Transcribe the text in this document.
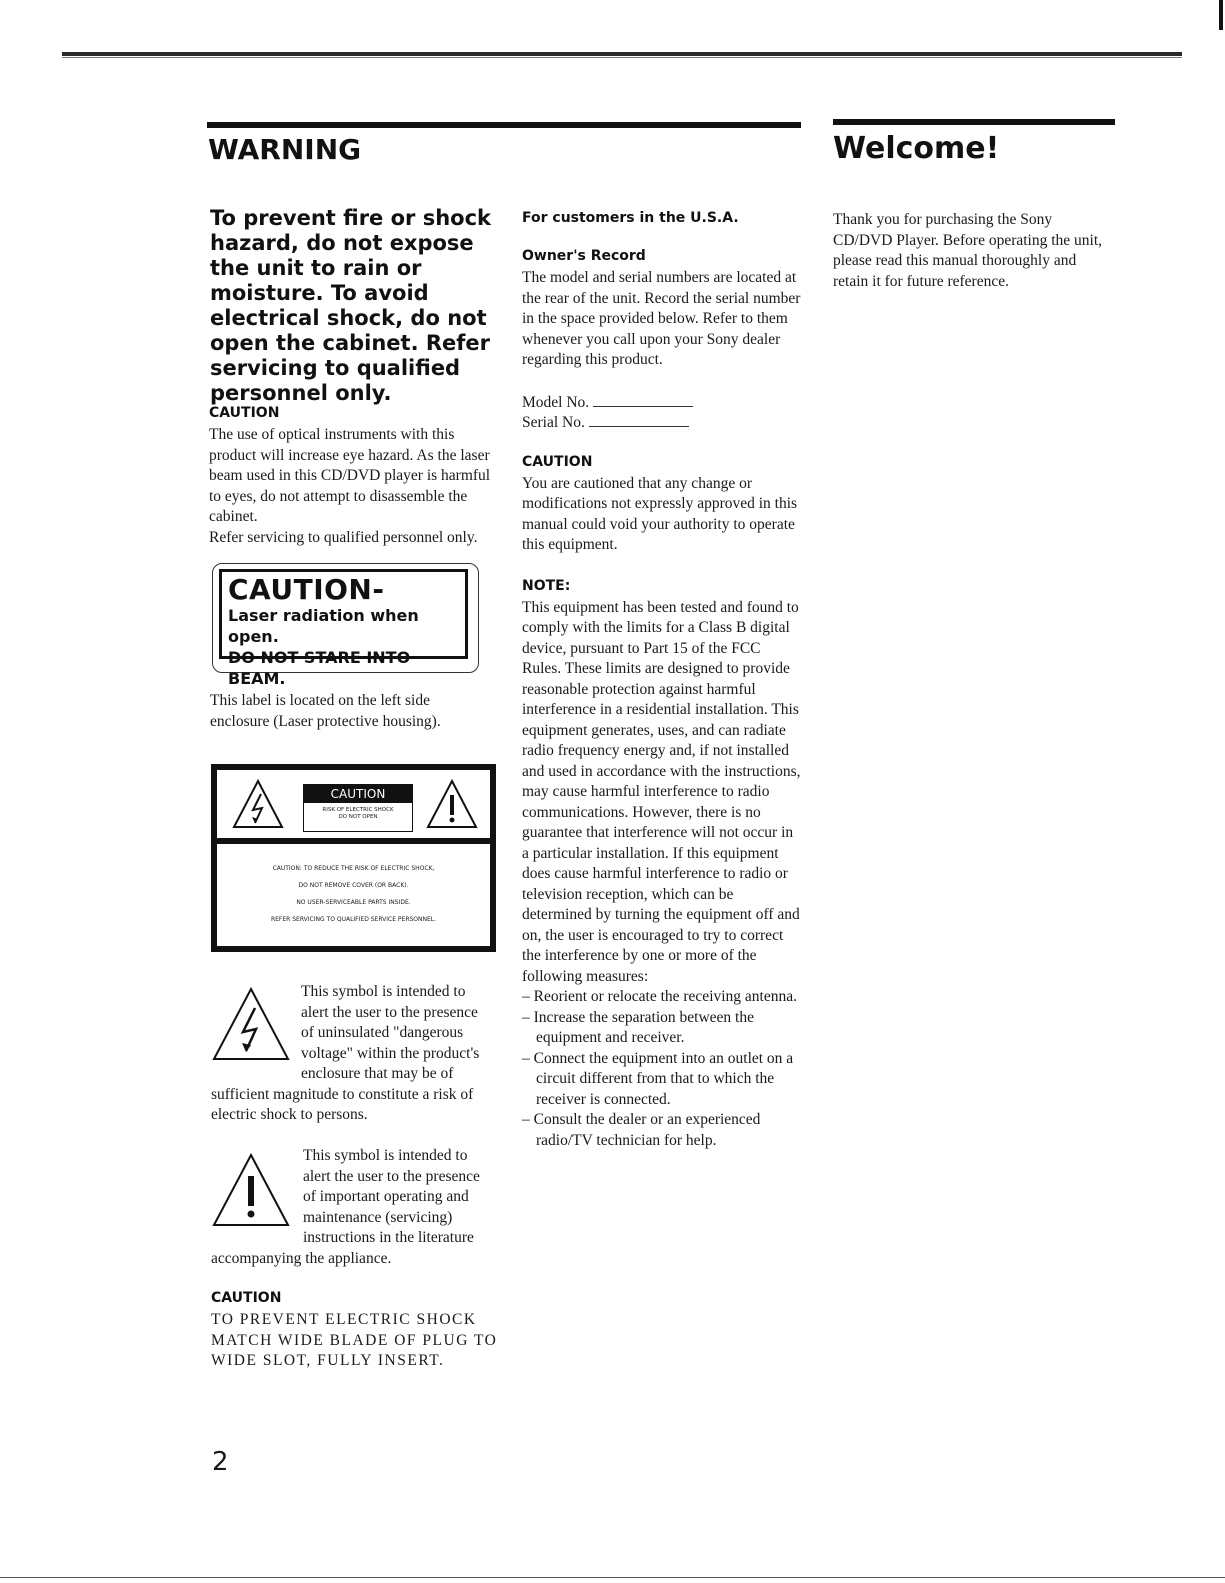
WARNING	Welcome!

To prevent fire or shock hazard, do not expose the unit to rain or moisture. To avoid electrical shock, do not open the cabinet. Refer servicing to qualified personnel only.

CAUTION

The use of optical instruments with this product will increase eye hazard. As the laser beam used in this CD/DVD player is harmful to eyes, do not attempt to disassemble the cabinet.

Refer servicing to qualified personnel only.

CAUTION-

Laser radiation when open.

DO NOT STARE INTO BEAM.

This label is located on the left side enclosure (Laser protective housing).

CAUTION

RISK OF ELECTRIC SHOCK

DO NOT OPEN

CAUTION: TO REDUCE THE RISK OF ELECTRIC SHOCK,

DO NOT REMOVE COVER (OR BACK).

NO USER-SERVICEABLE PARTS INSIDE.

REFER SERVICING TO QUALIFIED SERVICE PERSONNEL.

This symbol is intended to alert the user to the presence of uninsulated "dangerous voltage" within the product's enclosure that may be of sufficient magnitude to constitute a risk of electric shock to persons.

This symbol is intended to alert the user to the presence of important operating and maintenance (servicing) instructions in the literature accompanying the appliance.

CAUTION

TO PREVENT ELECTRIC SHOCK

MATCH WIDE BLADE OF PLUG TO

WIDE SLOT, FULLY INSERT.

2

For customers in the U.S.A.

Owner's Record

The model and serial numbers are located at the rear of the unit. Record the serial number in the space provided below. Refer to them whenever you call upon your Sony dealer regarding this product.

Model No.

Serial No.

CAUTION

You are cautioned that any change or modifications not expressly approved in this manual could void your authority to operate this equipment.

NOTE:

This equipment has been tested and found to comply with the limits for a Class B digital device, pursuant to Part 15 of the FCC Rules. These limits are designed to provide reasonable protection against harmful interference in a residential installation. This equipment generates, uses, and can radiate radio frequency energy and, if not installed and used in accordance with the instructions, may cause harmful interference to radio communications. However, there is no guarantee that interference will not occur in a particular installation. If this equipment does cause harmful interference to radio or television reception, which can be determined by turning the equipment off and on, the user is encouraged to try to correct the interference by one or more of the following measures:

– Reorient or relocate the receiving antenna.

– Increase the separation between the equipment and receiver.

– Connect the equipment into an outlet on a circuit different from that to which the receiver is connected.

– Consult the dealer or an experienced radio/TV technician for help.

Thank you for purchasing the Sony CD/DVD Player. Before operating the unit, please read this manual thoroughly and retain it for future reference.
